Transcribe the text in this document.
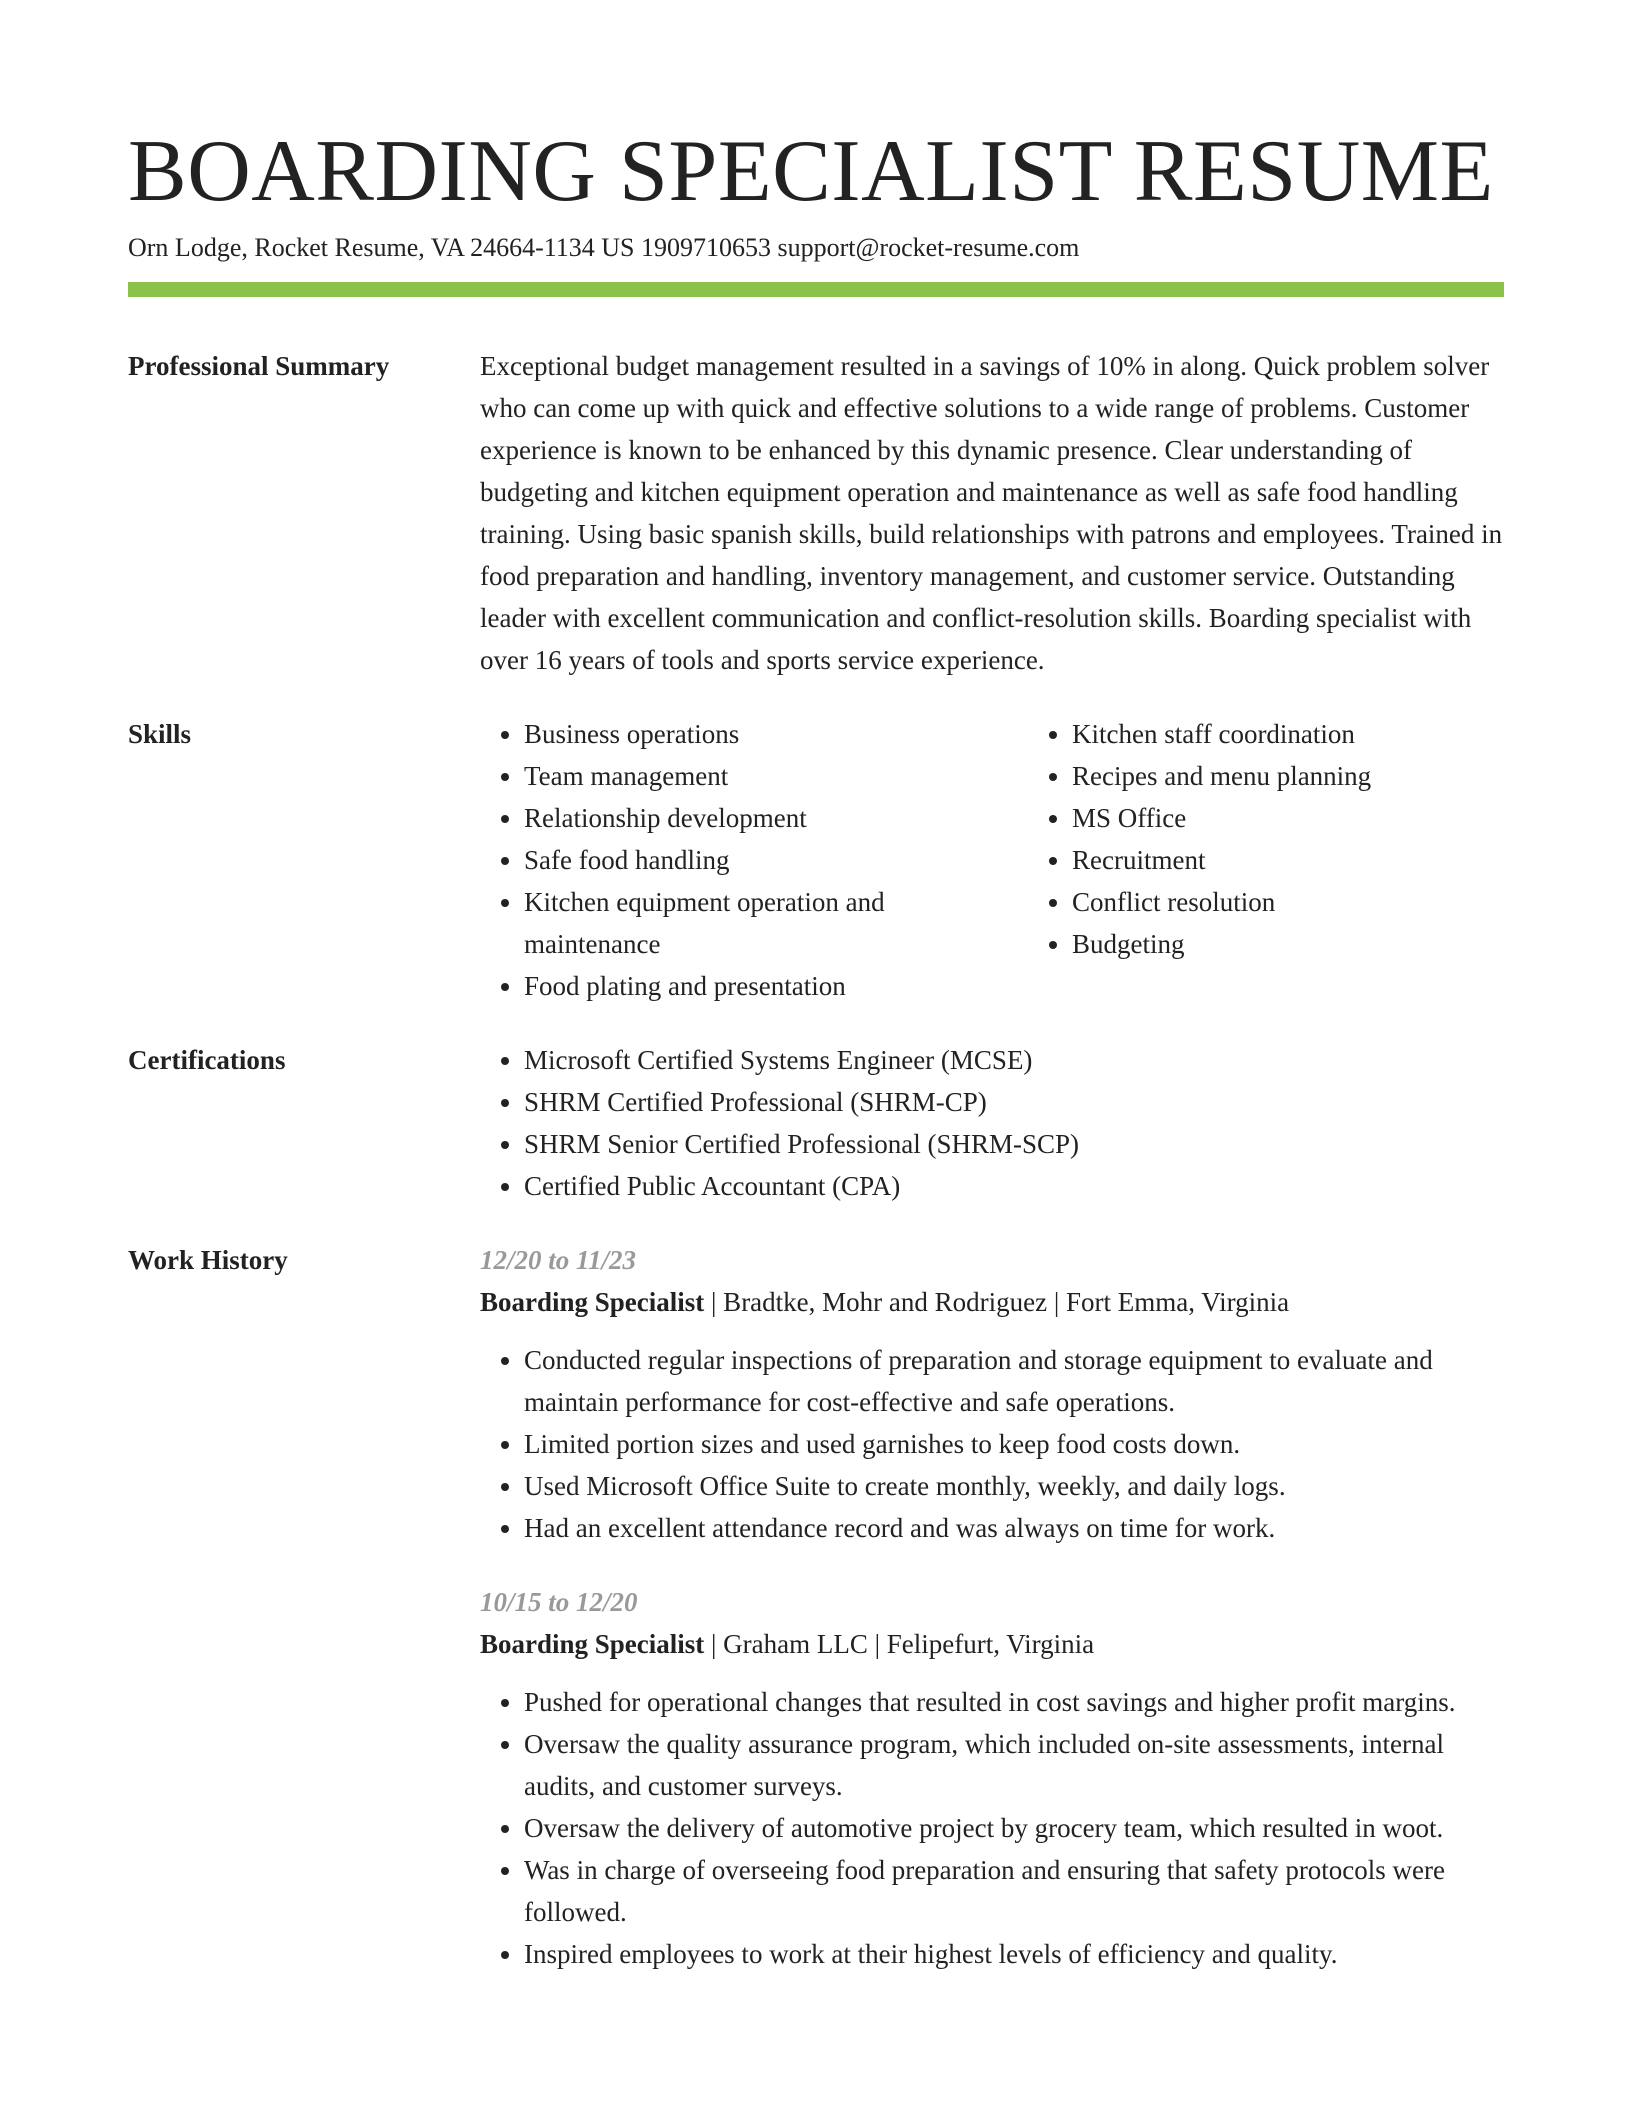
BOARDING SPECIALIST RESUME
Orn Lodge, Rocket Resume, VA 24664-1134 US 1909710653 support@rocket-resume.com
Professional Summary	Exceptional budget management resulted in a savings of 10% in along. Quick problem solver who can come up with quick and effective solutions to a wide range of problems. Customer experience is known to be enhanced by this dynamic presence. Clear understanding of budgeting and kitchen equipment operation and maintenance as well as safe food handling training. Using basic spanish skills, build relationships with patrons and employees. Trained in food preparation and handling, inventory management, and customer service. Outstanding leader with excellent communication and conflict-resolution skills. Boarding specialist with over 16 years of tools and sports service experience.

Skills	• Business operations
• Team management
• Relationship development
• Safe food handling
• Kitchen equipment operation and maintenance
• Food plating and presentation
• Kitchen staff coordination
• Recipes and menu planning
• MS Office
• Recruitment
• Conflict resolution
• Budgeting
Certifications	• Microsoft Certified Systems Engineer (MCSE)
• SHRM Certified Professional (SHRM-CP)
• SHRM Senior Certified Professional (SHRM-SCP)
• Certified Public Accountant (CPA)
Work History	12/20 to 11/23
Boarding Specialist | Bradtke, Mohr and Rodriguez | Fort Emma, Virginia
• Conducted regular inspections of preparation and storage equipment to evaluate and maintain performance for cost-effective and safe operations.
• Limited portion sizes and used garnishes to keep food costs down.
• Used Microsoft Office Suite to create monthly, weekly, and daily logs.
• Had an excellent attendance record and was always on time for work.
10/15 to 12/20
Boarding Specialist | Graham LLC | Felipefurt, Virginia
• Pushed for operational changes that resulted in cost savings and higher profit margins.
• Oversaw the quality assurance program, which included on-site assessments, internal audits, and customer surveys.
• Oversaw the delivery of automotive project by grocery team, which resulted in woot.
• Was in charge of overseeing food preparation and ensuring that safety protocols were followed.
• Inspired employees to work at their highest levels of efficiency and quality.
